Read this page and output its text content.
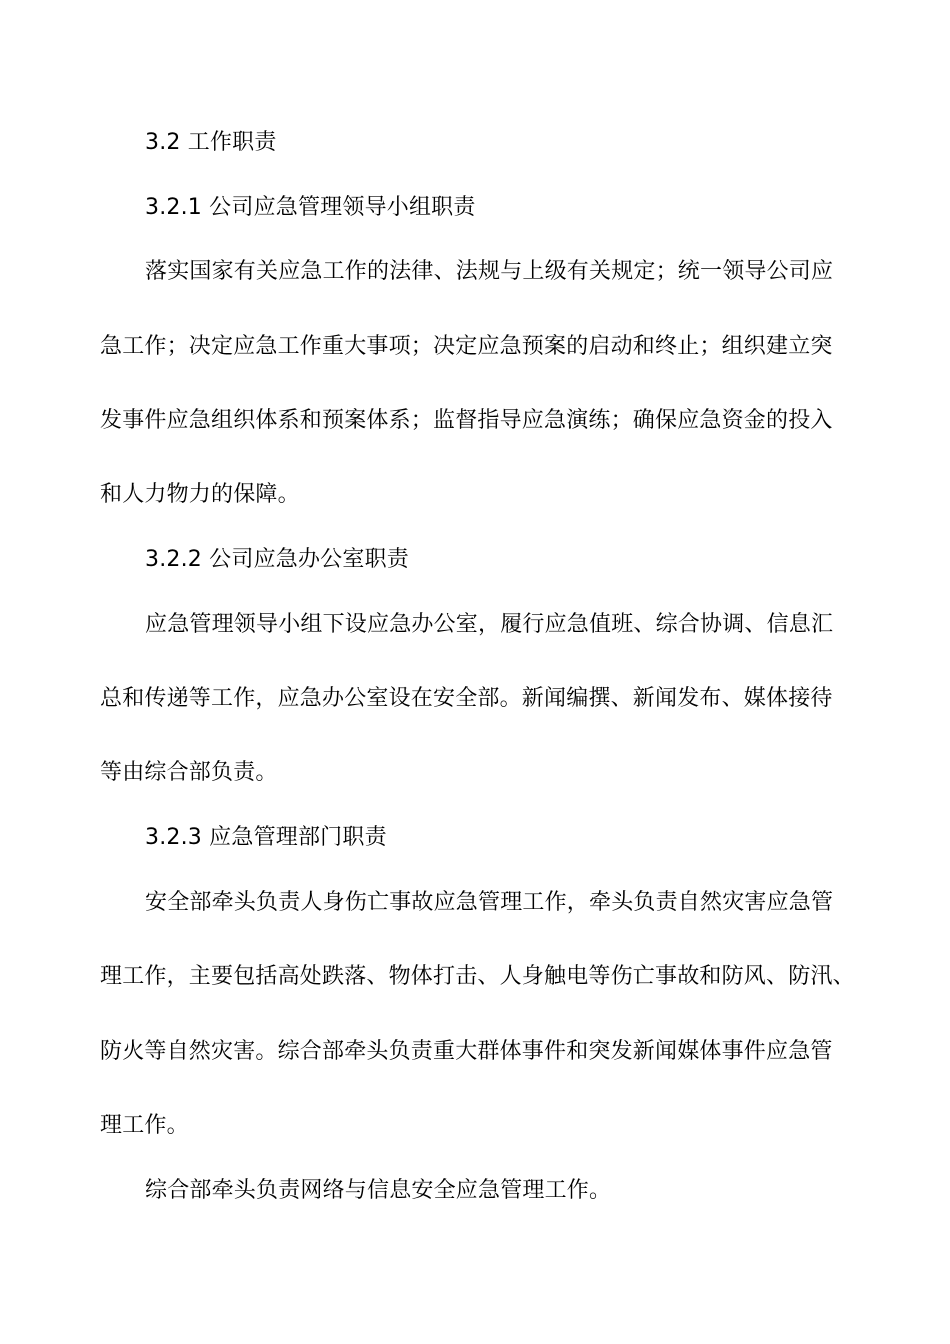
3.2 工作职责
3.2.1 公司应急管理领导小组职责
落实国家有关应急工作的法律、法规与上级有关规定；统一领导公司应
急工作；决定应急工作重大事项；决定应急预案的启动和终止；组织建立突
发事件应急组织体系和预案体系；监督指导应急演练；确保应急资金的投入
和人力物力的保障。
3.2.2 公司应急办公室职责
应急管理领导小组下设应急办公室，履行应急值班、综合协调、信息汇
总和传递等工作，应急办公室设在安全部。新闻编撰、新闻发布、媒体接待
等由综合部负责。
3.2.3 应急管理部门职责
安全部牵头负责人身伤亡事故应急管理工作，牵头负责自然灾害应急管
理工作，主要包括高处跌落、物体打击、人身触电等伤亡事故和防风、防汛、
防火等自然灾害。综合部牵头负责重大群体事件和突发新闻媒体事件应急管
理工作。
综合部牵头负责网络与信息安全应急管理工作。
